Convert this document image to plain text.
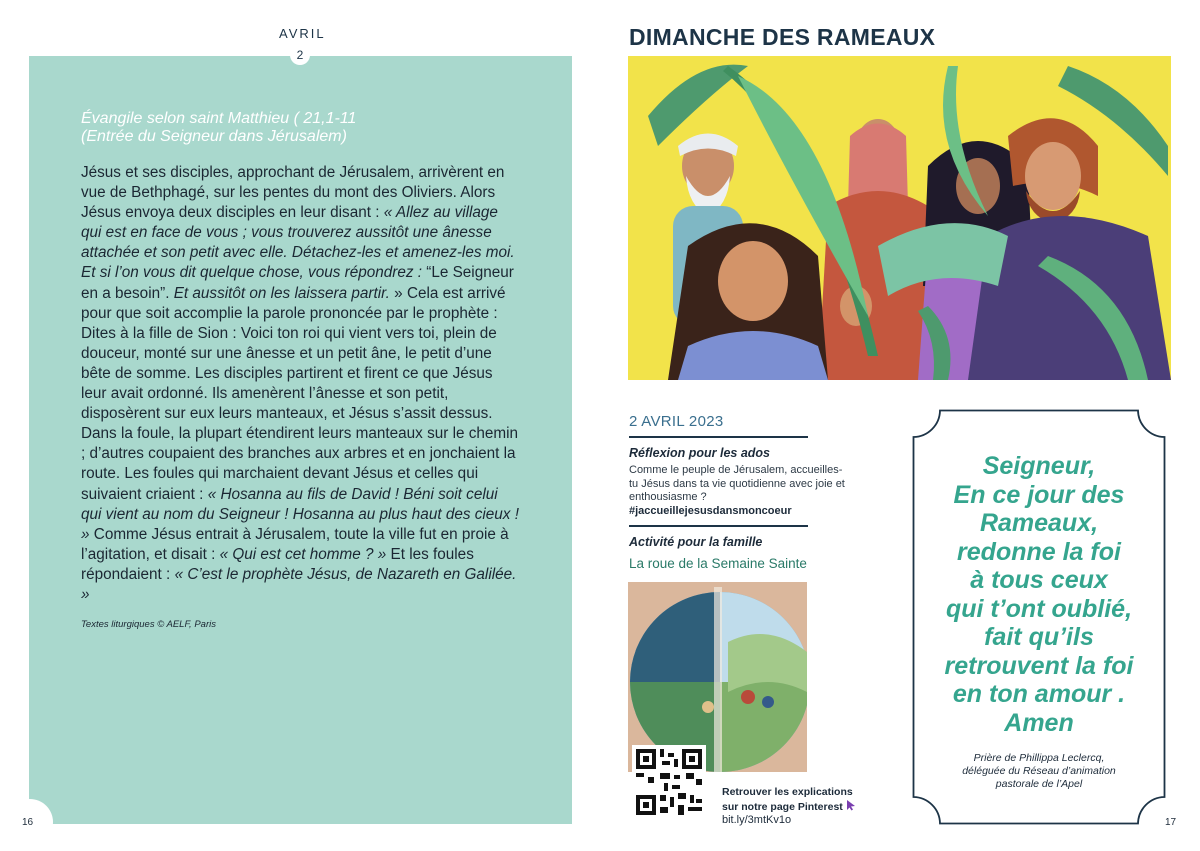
AVRIL
2
Évangile selon saint Matthieu ( 21,1-11
(Entrée du Seigneur dans Jérusalem)

Jésus et ses disciples, approchant de Jérusalem, arrivèrent en vue de Bethphagé, sur les pentes du mont des Oliviers. Alors Jésus envoya deux disciples en leur disant : « Allez au village qui est en face de vous ; vous trouverez aussitôt une ânesse attachée et son petit avec elle. Détachez-les et amenez-les moi. Et si l’on vous dit quelque chose, vous répondrez : “Le Seigneur en a besoin”. Et aussitôt on les laissera partir. » Cela est arrivé pour que soit accomplie la parole prononcée par le prophète : Dites à la fille de Sion : Voici ton roi qui vient vers toi, plein de douceur, monté sur une ânesse et un petit âne, le petit d’une bête de somme. Les disciples partirent et firent ce que Jésus leur avait ordonné. Ils amenèrent l’ânesse et son petit, disposèrent sur eux leurs manteaux, et Jésus s’assit dessus. Dans la foule, la plupart étendirent leurs manteaux sur le chemin ; d’autres coupaient des branches aux arbres et en jonchaient la route. Les foules qui marchaient devant Jésus et celles qui suivaient criaient : « Hosanna au fils de David ! Béni soit celui qui vient au nom du Seigneur ! Hosanna au plus haut des cieux ! » Comme Jésus entrait à Jérusalem, toute la ville fut en proie à l’agitation, et disait : « Qui est cet homme ? » Et les foules répondaient : « C’est le prophète Jésus, de Nazareth en Galilée. »

Textes liturgiques © AELF, Paris
16
DIMANCHE DES RAMEAUX
2 AVRIL 2023
Réflexion pour les ados
Comme le peuple de Jérusalem, accueilles-tu Jésus dans ta vie quotidienne avec joie et enthousiasme ?
#jaccueillejesusdansmoncoeur
Activité pour la famille
La roue de la Semaine Sainte
Retrouver les explications sur notre page Pinterest
bit.ly/3mtKv1o
Seigneur,
En ce jour des
Rameaux,
redonne la foi
à tous ceux
qui t’ont oublié,
fait qu’ils
retrouvent la foi
en ton amour .
Amen
Prière de Phillippa Leclercq,
déléguée du Réseau d’animation
pastorale de l’Apel
17
